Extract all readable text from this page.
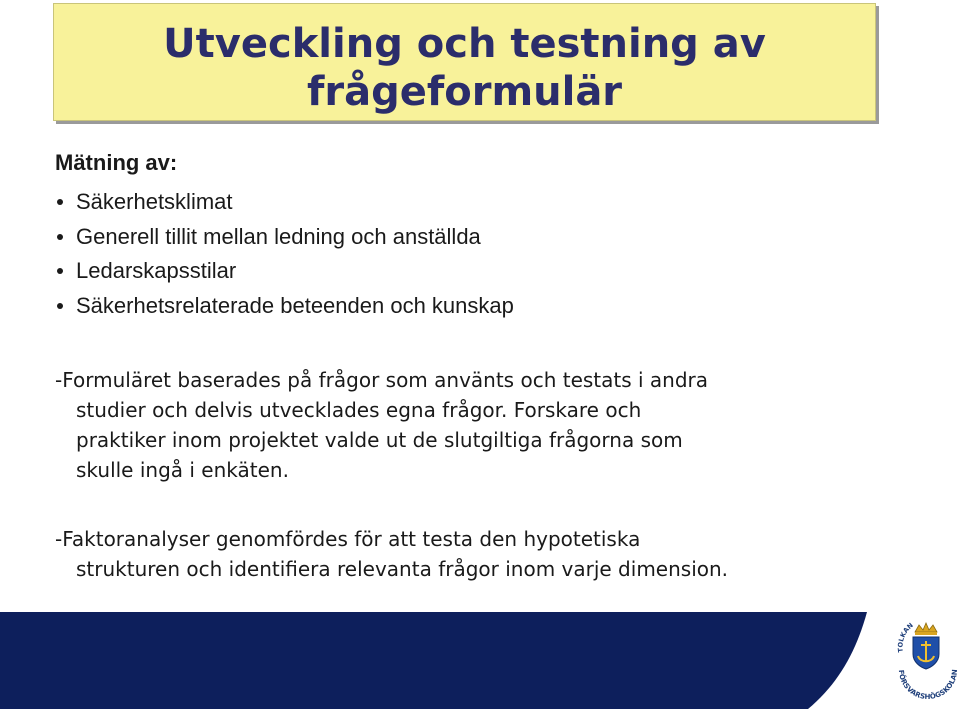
Utveckling och testning av
frågeformulär
Mätning av:
Säkerhetsklimat
Generell tillit mellan ledning och anställda
Ledarskapsstilar
Säkerhetsrelaterade beteenden och kunskap

-Formuläret baserades på frågor som använts och testats i andra
studier och delvis utvecklades egna frågor. Forskare och
praktiker inom projektet valde ut de slutgiltiga frågorna som
skulle ingå i enkäten.

-Faktoranalyser genomfördes för att testa den hypotetiska
strukturen och identifiera relevanta frågor inom varje dimension.

FÖRSVARSHÖGSKOLAN
TOLKAN
